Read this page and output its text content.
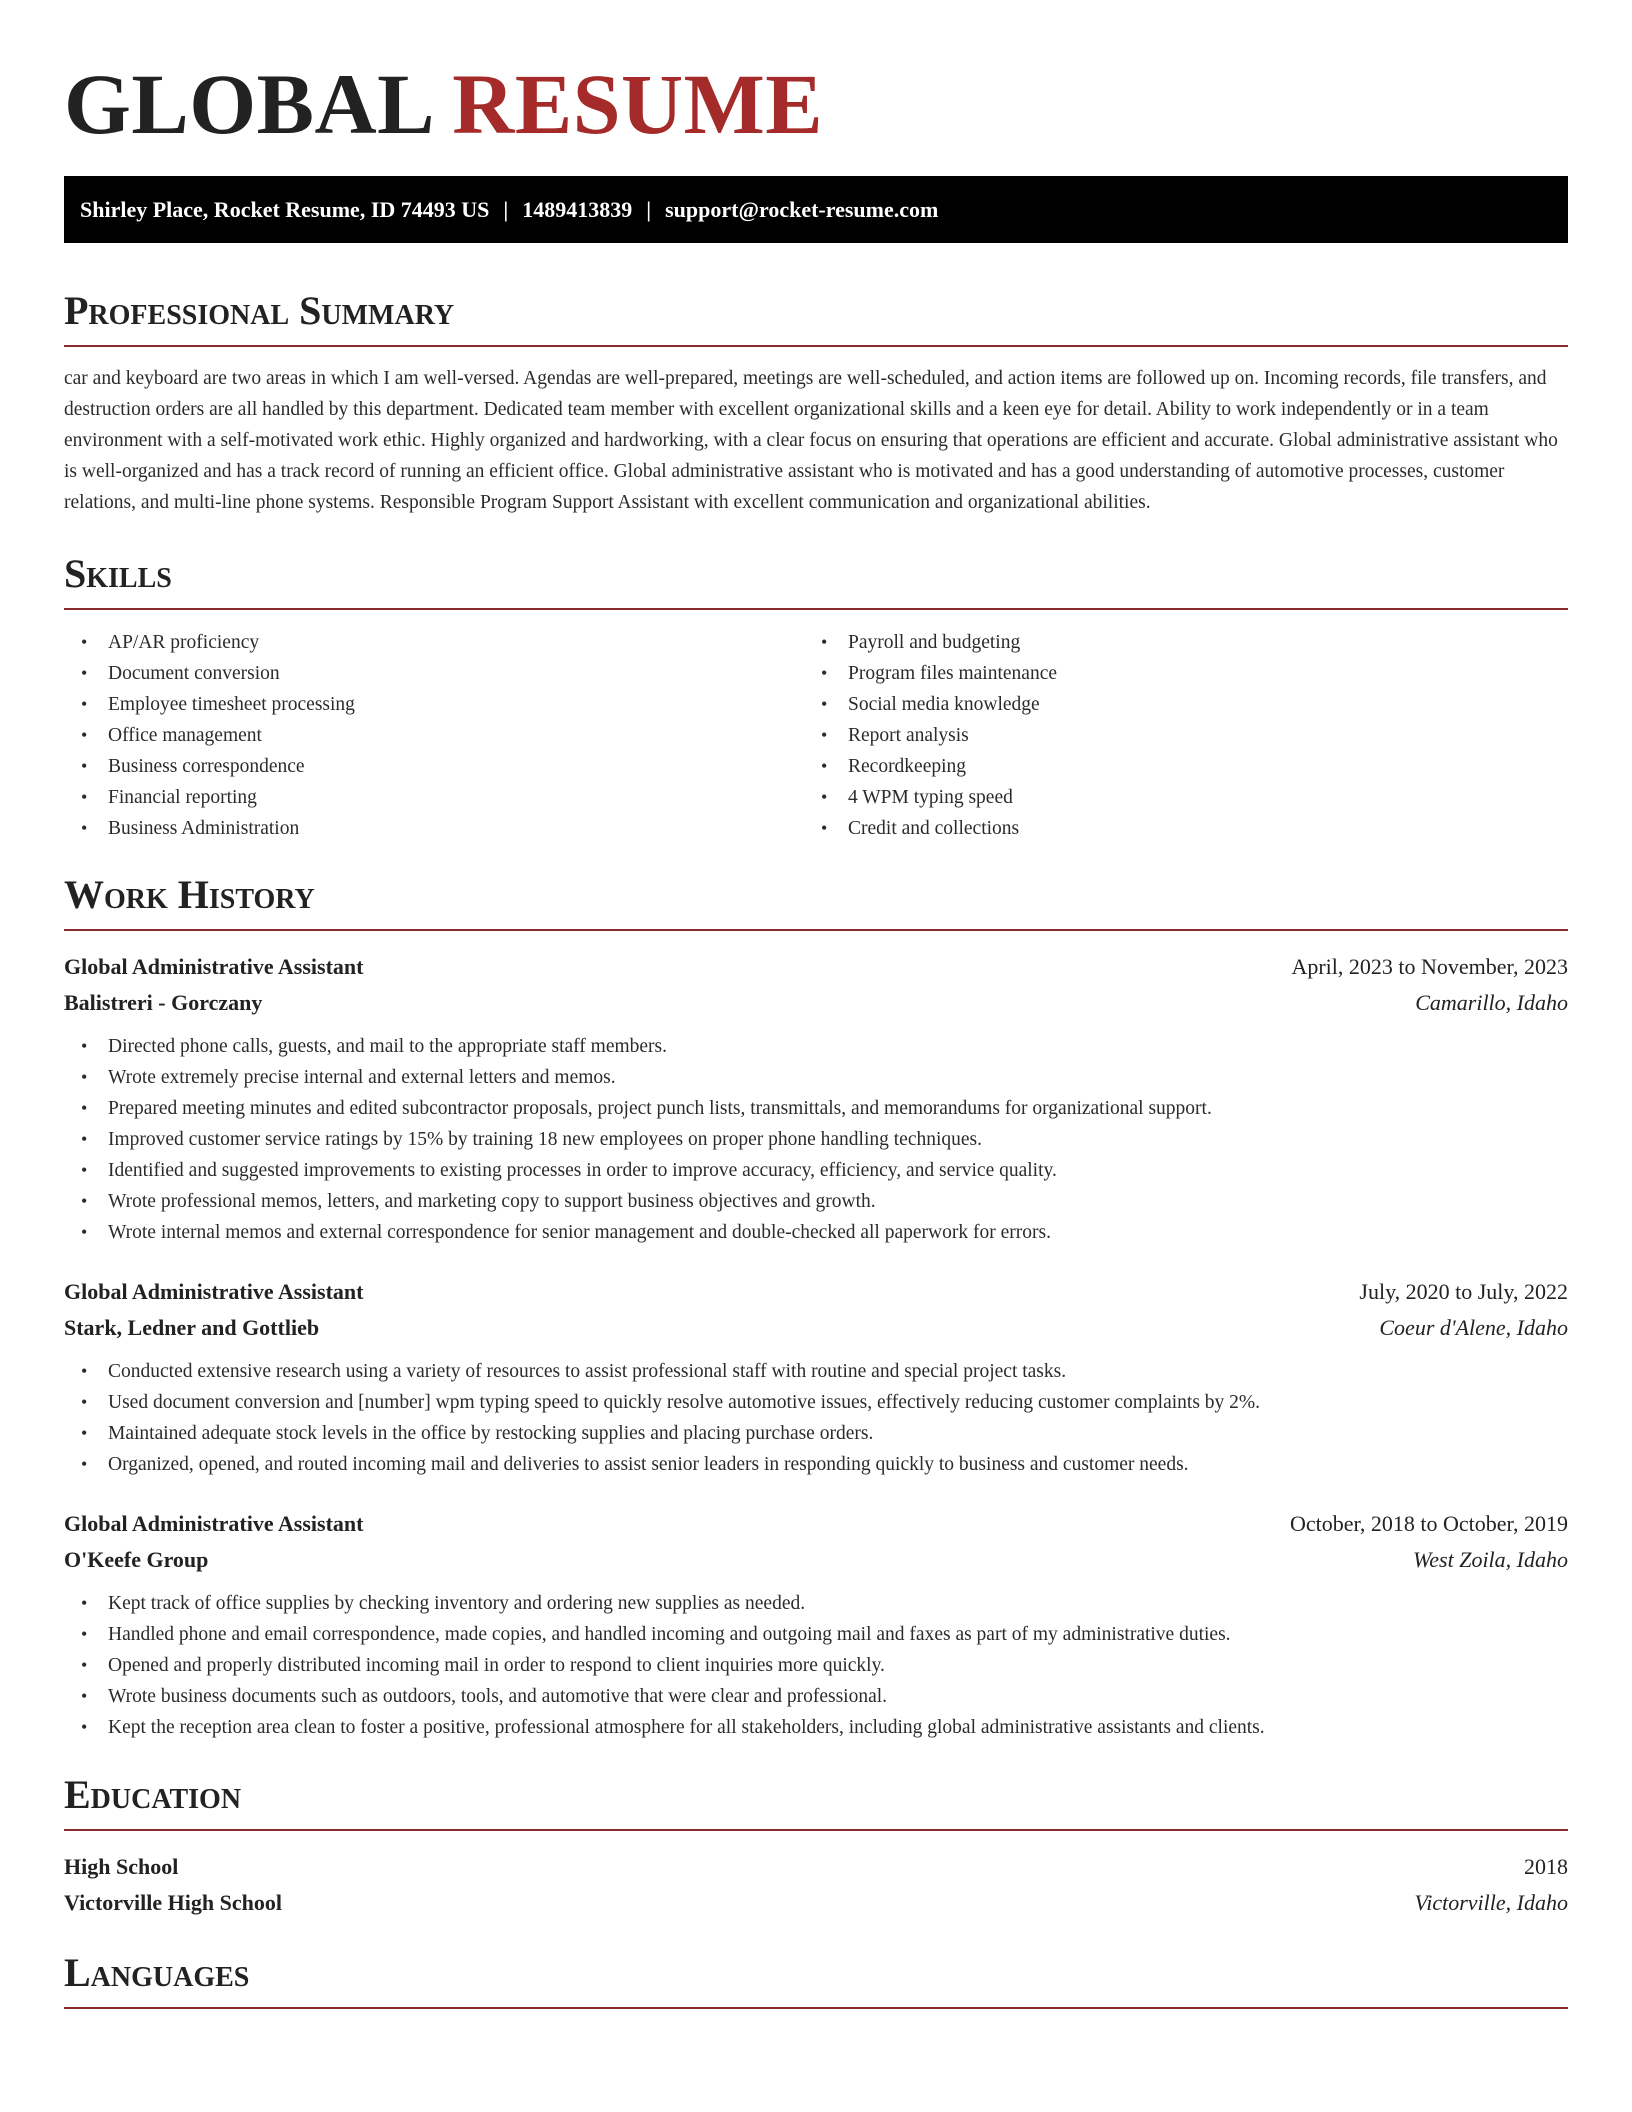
GLOBAL RESUME
Shirley Place, Rocket Resume, ID 74493 US | 1489413839 | support@rocket-resume.com
Professional Summary

car and keyboard are two areas in which I am well-versed. Agendas are well-prepared, meetings are well-scheduled, and action items are followed up on. Incoming records, file transfers, and destruction orders are all handled by this department. Dedicated team member with excellent organizational skills and a keen eye for detail. Ability to work independently or in a team environment with a self-motivated work ethic. Highly organized and hardworking, with a clear focus on ensuring that operations are efficient and accurate. Global administrative assistant who is well-organized and has a track record of running an efficient office. Global administrative assistant who is motivated and has a good understanding of automotive processes, customer relations, and multi-line phone systems. Responsible Program Support Assistant with excellent communication and organizational abilities.

Skills
• AP/AR proficiency
• Document conversion
• Employee timesheet processing
• Office management
• Business correspondence
• Financial reporting
• Business Administration
• Payroll and budgeting
• Program files maintenance
• Social media knowledge
• Report analysis
• Recordkeeping
• 4 WPM typing speed
• Credit and collections
Work History
Global Administrative Assistant	April, 2023 to November, 2023
Balistreri - Gorczany	Camarillo, Idaho
• Directed phone calls, guests, and mail to the appropriate staff members.
• Wrote extremely precise internal and external letters and memos.
• Prepared meeting minutes and edited subcontractor proposals, project punch lists, transmittals, and memorandums for organizational support.
• Improved customer service ratings by 15% by training 18 new employees on proper phone handling techniques.
• Identified and suggested improvements to existing processes in order to improve accuracy, efficiency, and service quality.
• Wrote professional memos, letters, and marketing copy to support business objectives and growth.
• Wrote internal memos and external correspondence for senior management and double-checked all paperwork for errors.
Global Administrative Assistant	July, 2020 to July, 2022
Stark, Ledner and Gottlieb	Coeur d'Alene, Idaho
• Conducted extensive research using a variety of resources to assist professional staff with routine and special project tasks.
• Used document conversion and [number] wpm typing speed to quickly resolve automotive issues, effectively reducing customer complaints by 2%.
• Maintained adequate stock levels in the office by restocking supplies and placing purchase orders.
• Organized, opened, and routed incoming mail and deliveries to assist senior leaders in responding quickly to business and customer needs.
Global Administrative Assistant	October, 2018 to October, 2019
O'Keefe Group	West Zoila, Idaho
• Kept track of office supplies by checking inventory and ordering new supplies as needed.
• Handled phone and email correspondence, made copies, and handled incoming and outgoing mail and faxes as part of my administrative duties.
• Opened and properly distributed incoming mail in order to respond to client inquiries more quickly.
• Wrote business documents such as outdoors, tools, and automotive that were clear and professional.
• Kept the reception area clean to foster a positive, professional atmosphere for all stakeholders, including global administrative assistants and clients.
Education
High School	2018
Victorville High School	Victorville, Idaho
Languages
